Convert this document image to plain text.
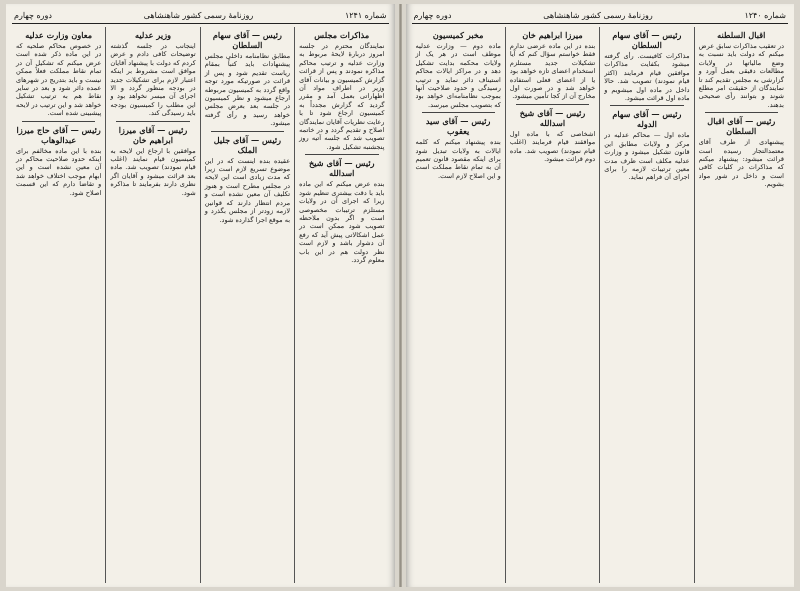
شماره ۱۲۴۱
روزنامهٔ رسمی کشور شاهنشاهی
دوره چهارم
مذاکرات مجلس

نمایندگان محترم در جلسه امروز دربارهٔ لایحهٔ مربوط به وزارت عدلیه و ترتیب محاکم مذاکره نمودند و پس از قرائت گزارش کمیسیون و بیانات آقای وزیر در اطراف مواد آن اظهاراتی بعمل آمد و مقرر گردید که گزارش مجدداً به کمیسیون ارجاع شود تا با رعایت نظریات آقایان نمایندگان اصلاح و تقدیم گردد و در خاتمه تصویب شد که جلسه آتیه روز پنجشنبه تشکیل شود.

رئیس — آقای شیخ اسدالله

بنده عرض میکنم که این ماده باید با دقت بیشتری تنظیم شود زیرا که اجرای آن در ولایات مستلزم ترتیبات مخصوصی است و اگر بدون ملاحظه تصویب شود ممکن است در عمل اشکالاتی پیش آید که رفع آن دشوار باشد و لازم است نظر دولت هم در این باب معلوم گردد.

رئیس — آقای سهام السلطان

مطابق نظامنامه داخلی مجلس پیشنهادات باید کتباً بمقام ریاست تقدیم شود و پس از قرائت در صورتیکه مورد توجه واقع گردد به کمیسیون مربوطه ارجاع میشود و نظر کمیسیون در جلسه بعد بعرض مجلس خواهد رسید و رأی گرفته میشود.

رئیس — آقای جلیل الملک

عقیده بنده اینست که در این موضوع تسریع لازم است زیرا که مدت زیادی است این لایحه در مجلس مطرح است و هنوز تکلیف آن معین نشده است و مردم انتظار دارند که قوانین لازمه زودتر از مجلس بگذرد و به موقع اجرا گذارده شود.

وزیر عدلیه

اینجانب در جلسه گذشته توضیحات کافی دادم و عرض کردم که دولت با پیشنهاد آقایان موافق است مشروط بر اینکه اعتبار لازم برای تشکیلات جدید در بودجه منظور گردد و الا اجرای آن میسر نخواهد بود و این مطلب را کمیسیون بودجه باید رسیدگی کند.

رئیس — آقای میرزا ابراهیم خان

موافقین با ارجاع این لایحه به کمیسیون قیام نمایند (اغلب قیام نمودند) تصویب شد. ماده بعد قرائت میشود و آقایان اگر نظری دارند بفرمایند تا مذاکره شود.

معاون وزارت عدلیه

در خصوص محاکم صلحیه که در این ماده ذکر شده است عرض میکنم که تشکیل آن در تمام نقاط مملکت فعلاً ممکن نیست و باید بتدریج در شهرهای عمده دائر شود و بعد در سایر نقاط هم به ترتیب تشکیل خواهد شد و این ترتیب در لایحه پیشبینی شده است.

رئیس — آقای حاج میرزا عبدالوهاب

بنده با این ماده مخالفم برای اینکه حدود صلاحیت محاکم در آن معین نشده است و این ابهام موجب اختلاف خواهد شد و تقاضا دارم که این قسمت اصلاح شود.

شماره ۱۲۴۰
روزنامهٔ رسمی کشور شاهنشاهی
دوره چهارم
اقبال السلطنه

در تعقیب مذاکرات سابق عرض میکنم که دولت باید نسبت به وضع مالیاتها در ولایات مطالعات دقیقی بعمل آورد و گزارشی به مجلس تقدیم کند تا نمایندگان از حقیقت امر مطلع شوند و بتوانند رأی صحیحی بدهند.

رئیس — آقای اقبال السلطان

پیشنهادی از طرف آقای معتمدالتجار رسیده است قرائت میشود: پیشنهاد میکنم که مذاکرات در کلیات کافی است و داخل در شور مواد بشویم.

رئیس — آقای سهام السلطان

مذاکرات کافیست. رأی گرفته میشود بکفایت مذاکرات موافقین قیام فرمایند (اکثر قیام نمودند) تصویب شد. حالا داخل در ماده اول میشویم و ماده اول قرائت میشود.

رئیس — آقای سهام الدوله

ماده اول — محاکم عدلیه در مرکز و ولایات مطابق این قانون تشکیل میشود و وزارت عدلیه مکلف است ظرف مدت معین ترتیبات لازمه را برای اجرای آن فراهم نماید.

میرزا ابراهیم خان

بنده در این ماده عرضی ندارم فقط خواستم سؤال کنم که آیا تشکیلات جدید مستلزم استخدام اعضای تازه خواهد بود یا از اعضای فعلی استفاده خواهد شد و در صورت اول مخارج آن از کجا تأمین میشود.

رئیس — آقای شیخ اسدالله

اشخاصی که با ماده اول موافقند قیام فرمایند (اغلب قیام نمودند) تصویب شد. ماده دوم قرائت میشود.

مخبر کمیسیون

ماده دوم — وزارت عدلیه موظف است در هر یک از ولایات محکمه بدایت تشکیل دهد و در مراکز ایالات محاکم استیناف دائر نماید و ترتیب رسیدگی و حدود صلاحیت آنها بموجب نظامنامه‌ای خواهد بود که بتصویب مجلس میرسد.

رئیس — آقای سید یعقوب

بنده پیشنهاد میکنم که کلمه ایالات به ولایات تبدیل شود برای اینکه مقصود قانون تعمیم آن به تمام نقاط مملکت است و این اصلاح لازم است.
